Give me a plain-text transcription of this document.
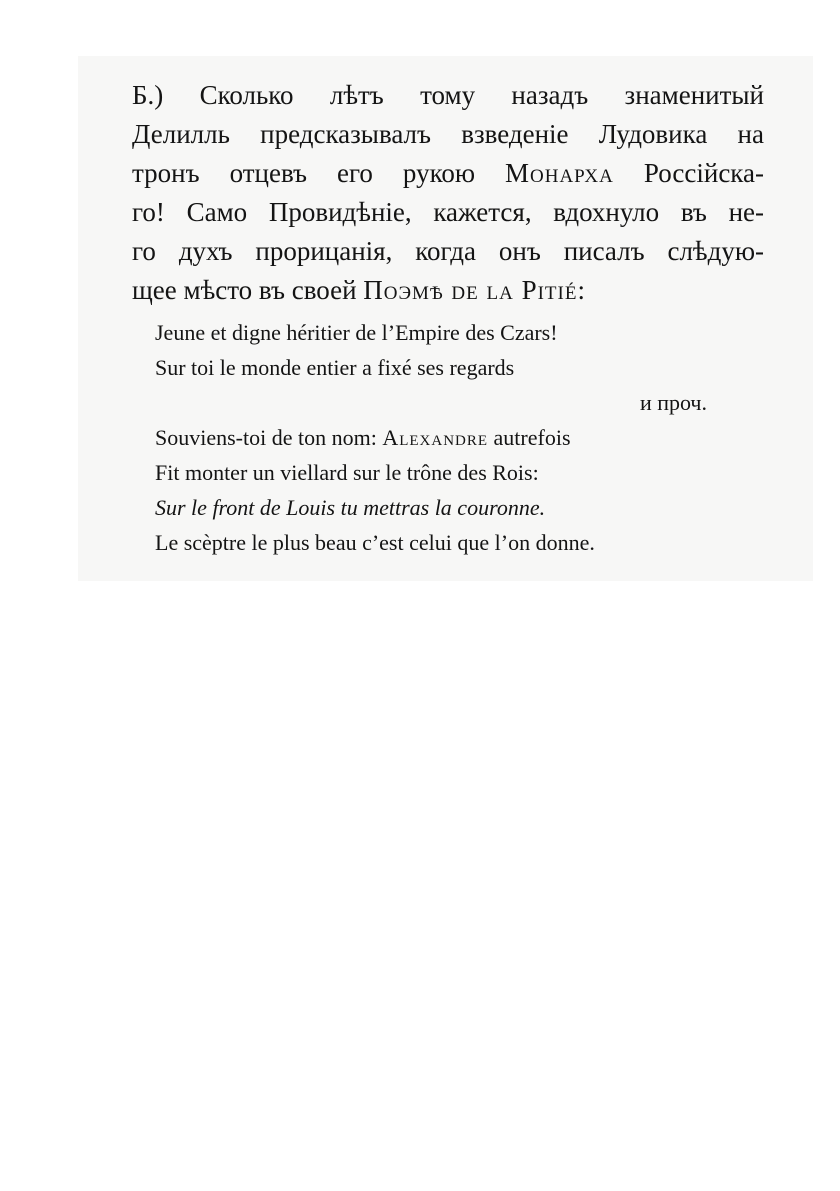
Б.) Сколько лѣтъ тому назадъ знаменитый
Делилль предсказывалъ взведеніе Лудовика на
тронъ отцевъ его рукою Монарха Россійска-
го! Само Провидѣніе, кажется, вдохнуло въ не-
го духъ прорицанія, когда онъ писалъ слѣдую-
щее мѣсто въ своей Поэмѣ de la Pitié:
Jeune et digne héritier de l’Empire des Czars!
Sur toi le monde entier a fixé ses regards
и проч.
Souviens-toi de ton nom: Alexandre autrefois
Fit monter un viellard sur le trône des Rois:
Sur le front de Louis tu mettras la couronne.
Le scèptre le plus beau c’est celui que l’on donne.
